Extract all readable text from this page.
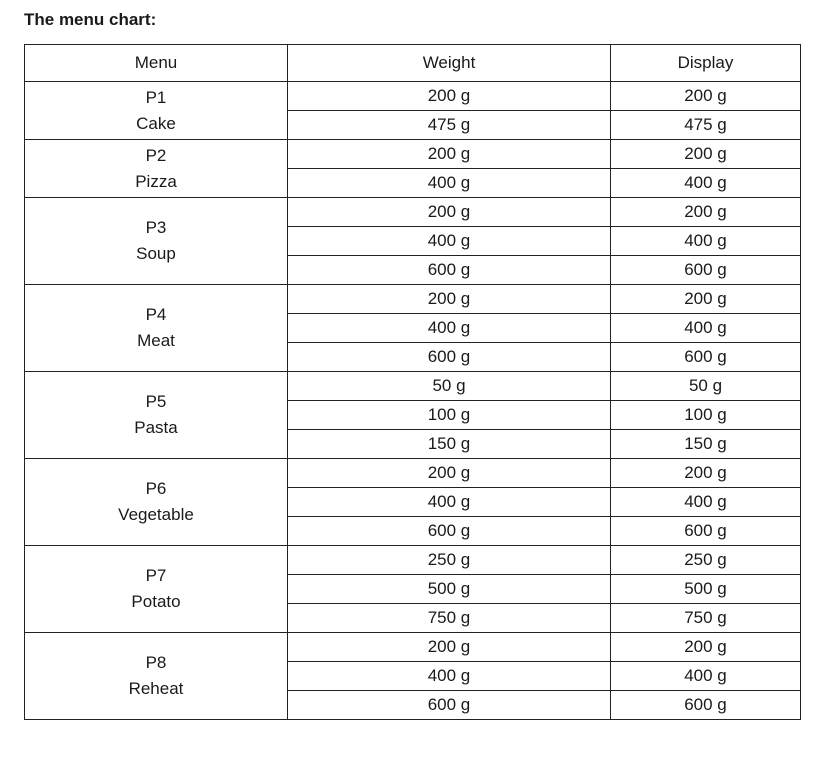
The menu chart:
Menu	Weight	Display

P1
Cake	200 g	200 g
	475 g	475 g

P2
Pizza	200 g	200 g
	400 g	400 g

P3
Soup	200 g	200 g
	400 g	400 g
	600 g	600 g

P4
Meat	200 g	200 g
	400 g	400 g
	600 g	600 g

P5
Pasta	50 g	50 g
	100 g	100 g
	150 g	150 g

P6
Vegetable	200 g	200 g
	400 g	400 g
	600 g	600 g

P7
Potato	250 g	250 g
	500 g	500 g
	750 g	750 g

P8
Reheat	200 g	200 g
	400 g	400 g
	600 g	600 g
